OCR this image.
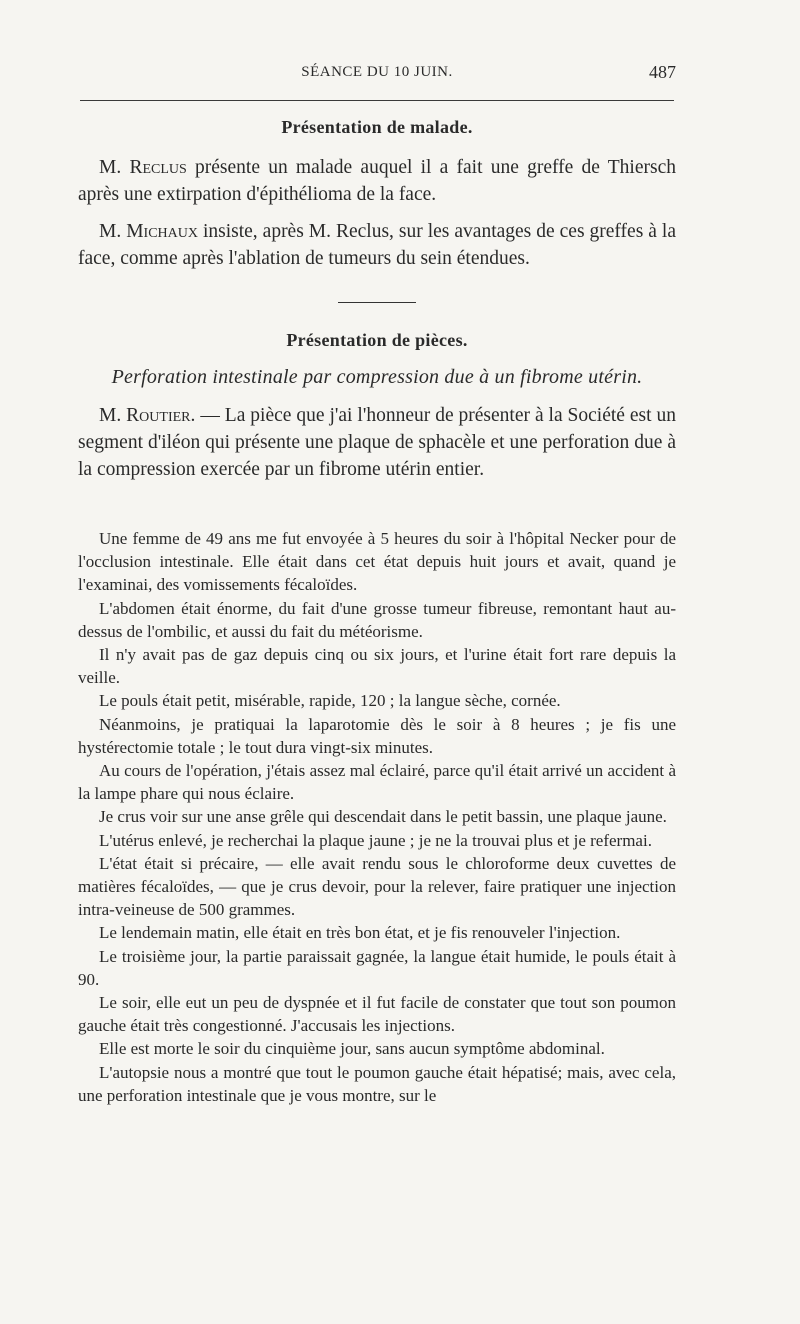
SÉANCE DU 10 JUIN.	487
Présentation de malade.

M. Reclus présente un malade auquel il a fait une greffe de Thiersch après une extirpation d'épithélioma de la face.

M. Michaux insiste, après M. Reclus, sur les avantages de ces greffes à la face, comme après l'ablation de tumeurs du sein étendues.

Présentation de pièces.
Perforation intestinale par compression due à un fibrome utérin.

M. Routier. — La pièce que j'ai l'honneur de présenter à la Société est un segment d'iléon qui présente une plaque de sphacèle et une perforation due à la compression exercée par un fibrome utérin entier.

Une femme de 49 ans me fut envoyée à 5 heures du soir à l'hôpital Necker pour de l'occlusion intestinale. Elle était dans cet état depuis huit jours et avait, quand je l'examinai, des vomissements fécaloïdes.

L'abdomen était énorme, du fait d'une grosse tumeur fibreuse, remontant haut au-dessus de l'ombilic, et aussi du fait du météorisme.

Il n'y avait pas de gaz depuis cinq ou six jours, et l'urine était fort rare depuis la veille.

Le pouls était petit, misérable, rapide, 120 ; la langue sèche, cornée.

Néanmoins, je pratiquai la laparotomie dès le soir à 8 heures ; je fis une hystérectomie totale ; le tout dura vingt-six minutes.

Au cours de l'opération, j'étais assez mal éclairé, parce qu'il était arrivé un accident à la lampe phare qui nous éclaire.

Je crus voir sur une anse grêle qui descendait dans le petit bassin, une plaque jaune.

L'utérus enlevé, je recherchai la plaque jaune ; je ne la trouvai plus et je refermai.

L'état était si précaire, — elle avait rendu sous le chloroforme deux cuvettes de matières fécaloïdes, — que je crus devoir, pour la relever, faire pratiquer une injection intra-veineuse de 500 grammes.

Le lendemain matin, elle était en très bon état, et je fis renouveler l'injection.

Le troisième jour, la partie paraissait gagnée, la langue était humide, le pouls était à 90.

Le soir, elle eut un peu de dyspnée et il fut facile de constater que tout son poumon gauche était très congestionné. J'accusais les injections.

Elle est morte le soir du cinquième jour, sans aucun symptôme abdominal.

L'autopsie nous a montré que tout le poumon gauche était hépatisé; mais, avec cela, une perforation intestinale que je vous montre, sur le
